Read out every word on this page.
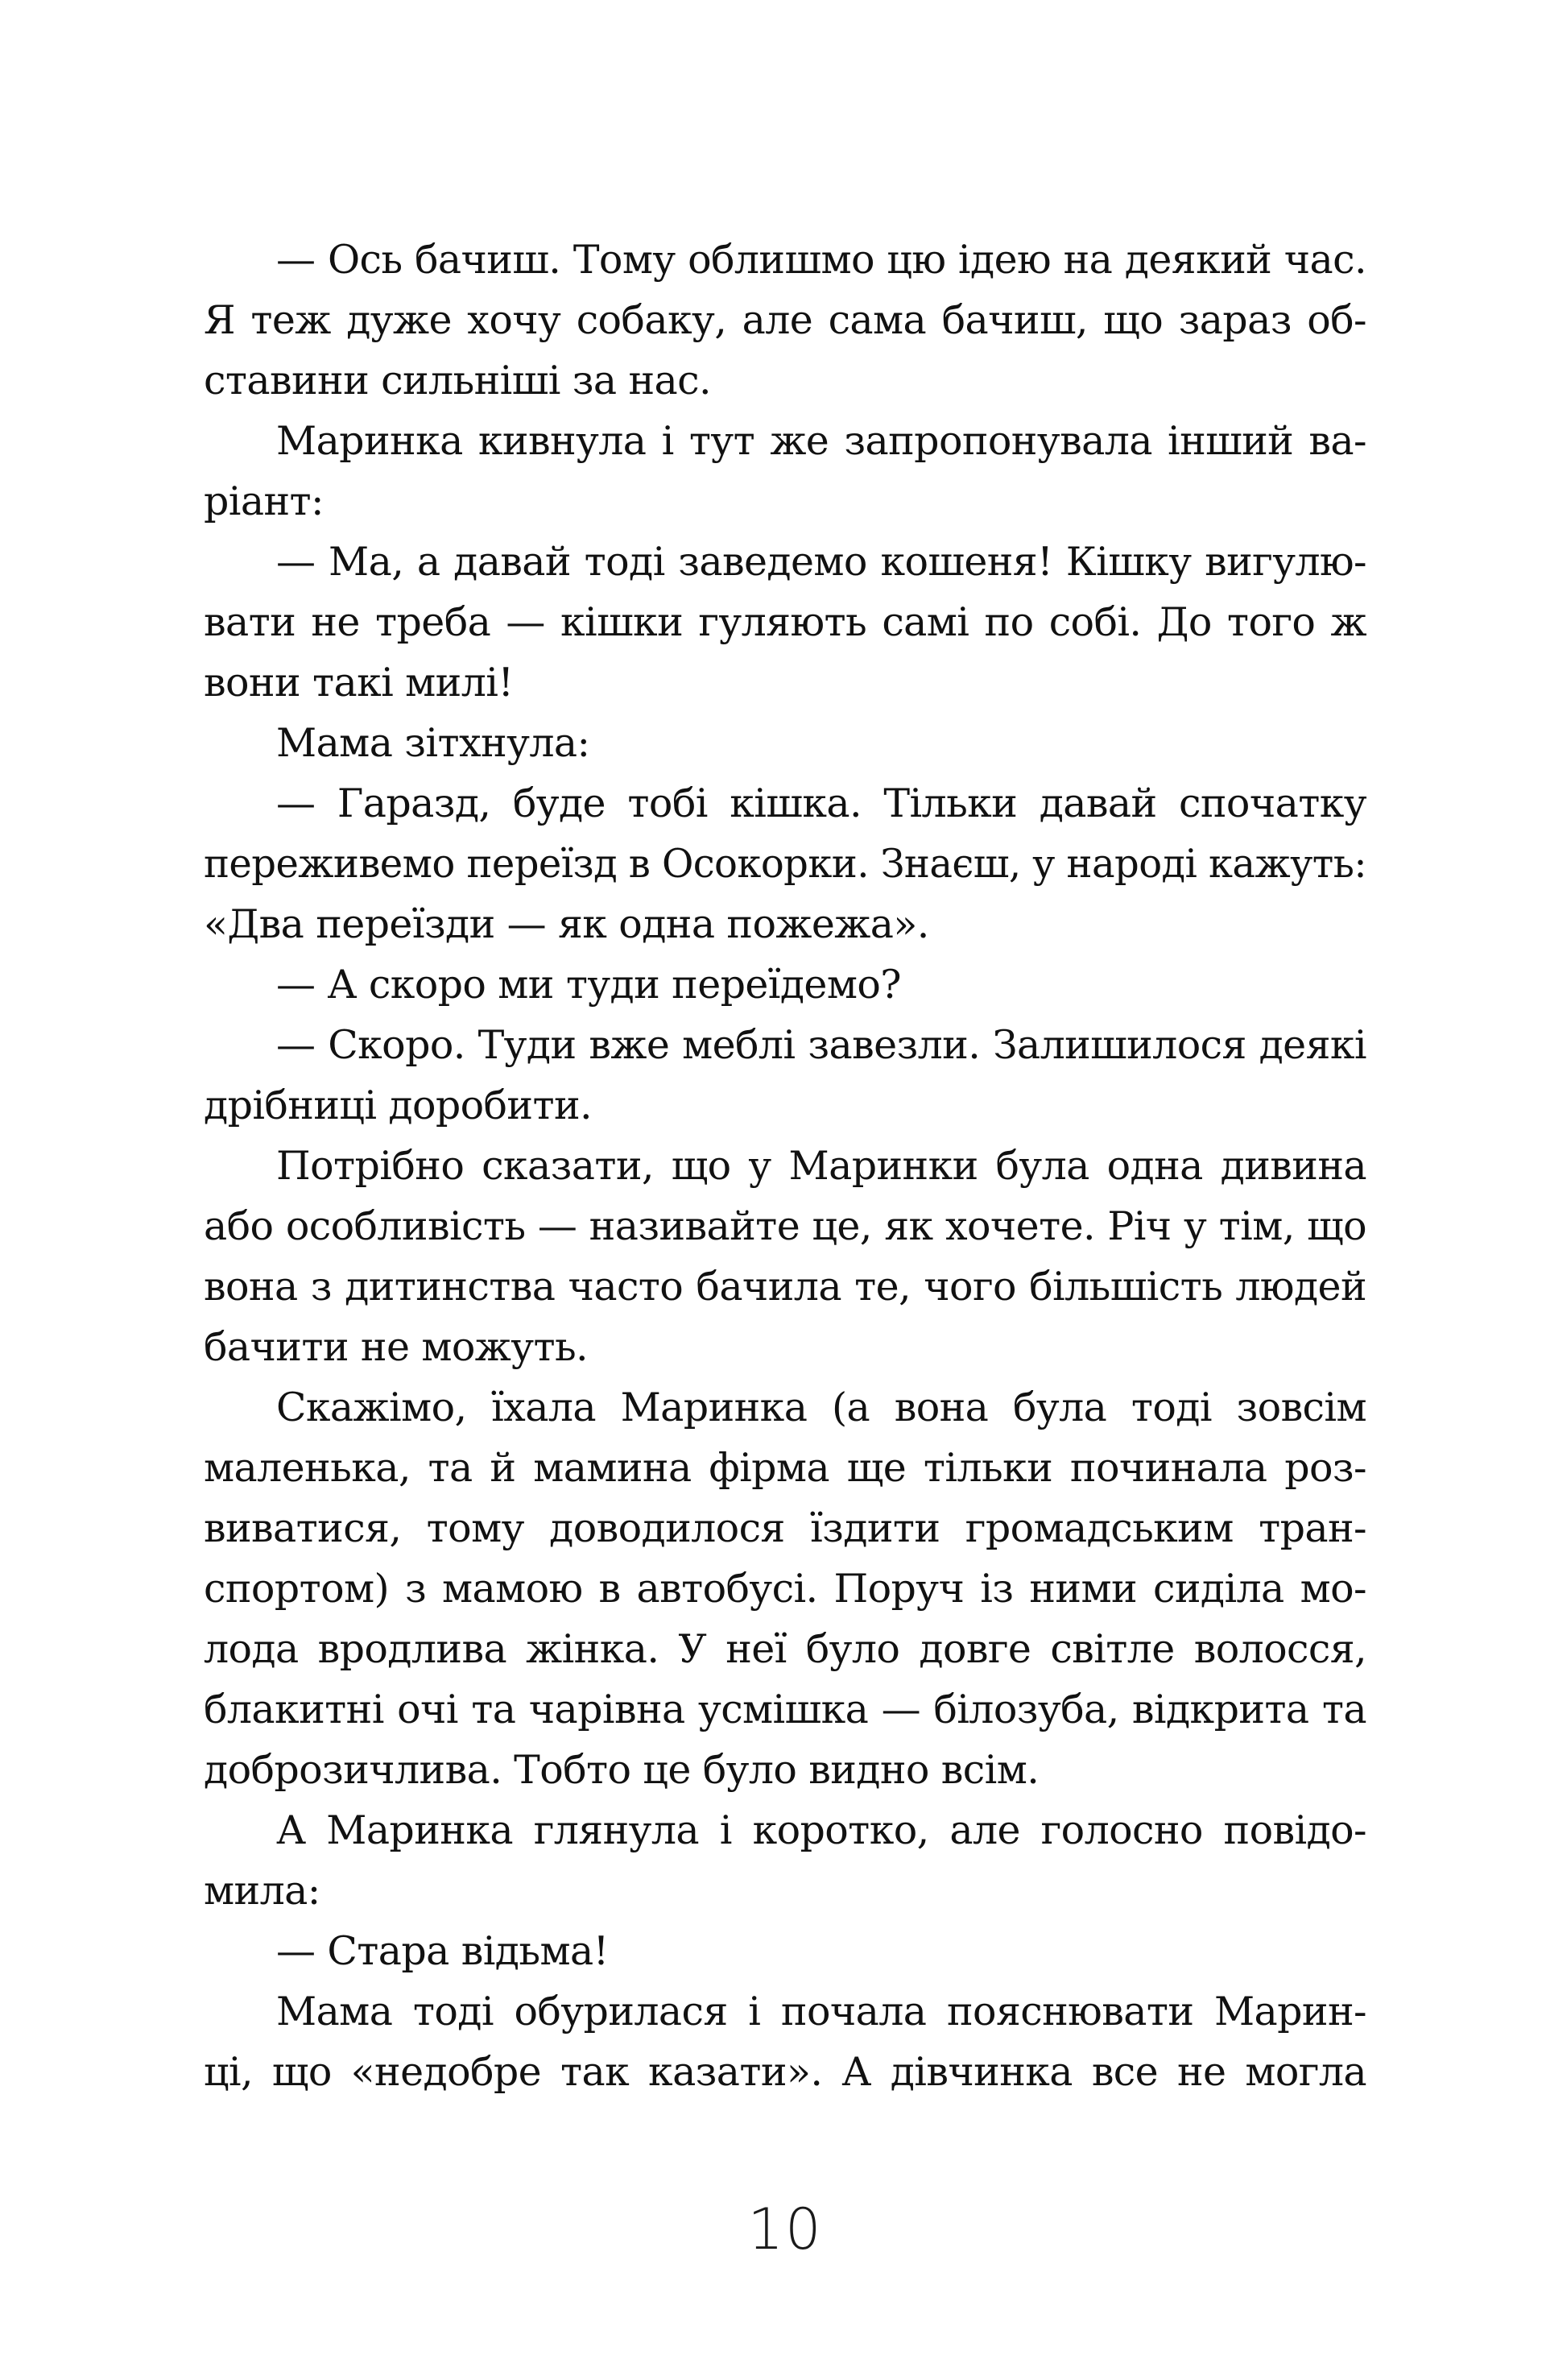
— Ось бачиш. Тому облишмо цю ідею на деякий час.
Я теж дуже хочу собаку, але сама бачиш, що зараз об-
ставини сильніші за нас.
Маринка кивнула і тут же запропонувала інший ва-
ріант:
— Ма, а давай тоді заведемо кошеня! Кішку вигулю-
вати не треба — кішки гуляють самі по собі. До того ж
вони такі милі!
Мама зітхнула:
— Гаразд, буде тобі кішка. Тільки давай спочатку
переживемо переїзд в Осокорки. Знаєш, у народі кажуть:
«Два переїзди — як одна пожежа».
— А скоро ми туди переїдемо?
— Скоро. Туди вже меблі завезли. Залишилося деякі
дрібниці доробити.
Потрібно сказати, що у Маринки була одна дивина
або особливість — називайте це, як хочете. Річ у тім, що
вона з дитинства часто бачила те, чого більшість людей
бачити не можуть.
Скажімо, їхала Маринка (а вона була тоді зовсім
маленька, та й мамина фірма ще тільки починала роз-
виватися, тому доводилося їздити громадським тран-
спортом) з мамою в автобусі. Поруч із ними сиділа мо-
лода вродлива жінка. У неї було довге світле волосся,
блакитні очі та чарівна усмішка — білозуба, відкрита та
доброзичлива. Тобто це було видно всім.
А Маринка глянула і коротко, але голосно повідо-
мила:
— Стара відьма!
Мама тоді обурилася і почала пояснювати Марин-
ці, що «недобре так казати». А дівчинка все не могла
10
